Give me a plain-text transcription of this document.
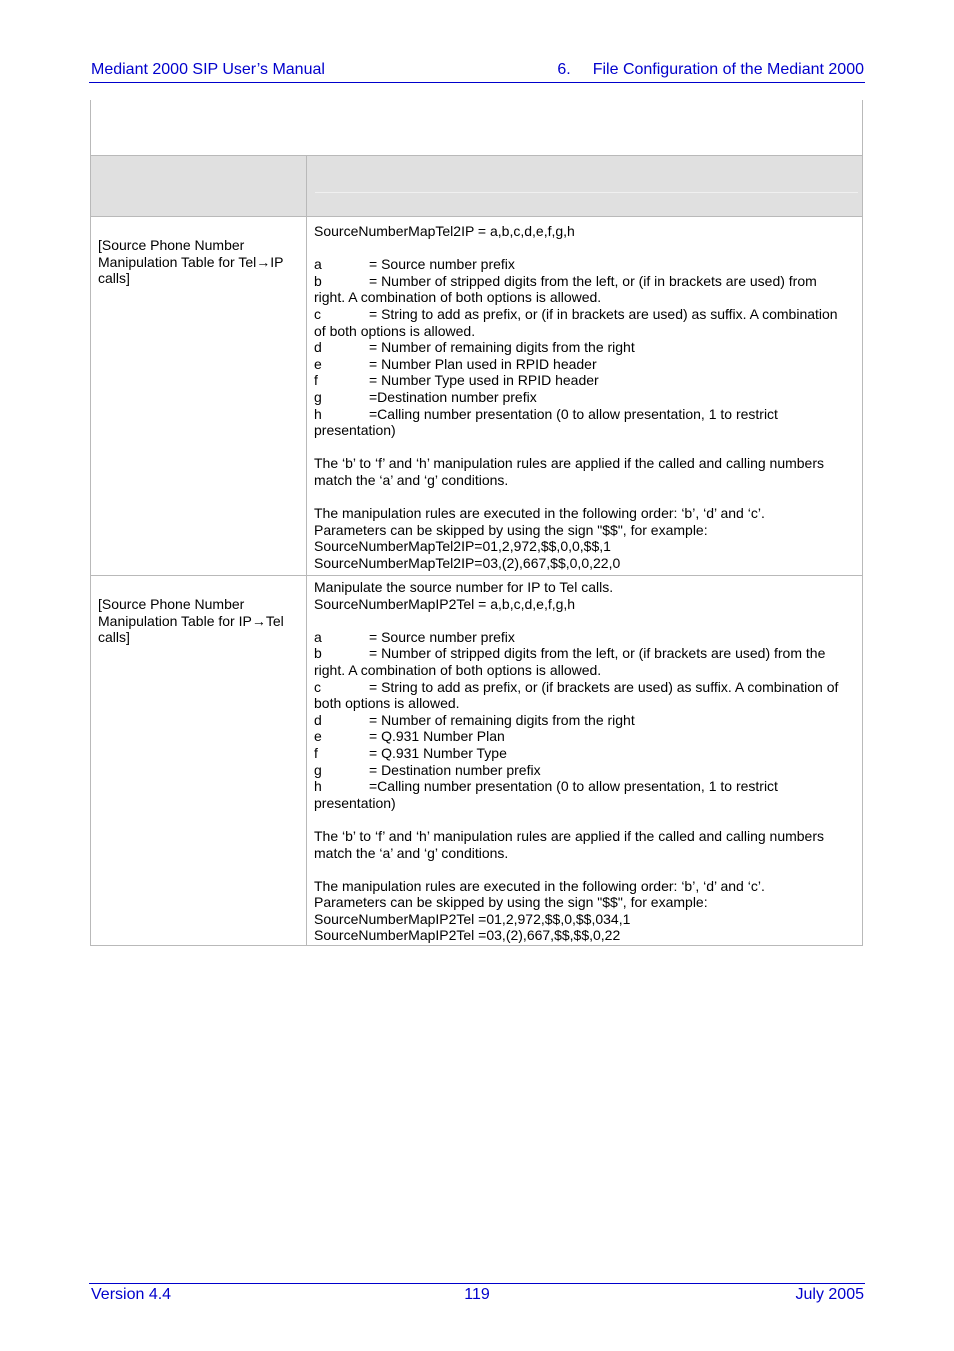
Mediant 2000 SIP User’s Manual	6. File Configuration of the Mediant 2000
[Source Phone Number Manipulation Table for Tel→IP calls]

SourceNumberMapTel2IP = a,b,c,d,e,f,g,h

a	= Source number prefix
b	= Number of stripped digits from the left, or (if in brackets are used) from

right. A combination of both options is allowed.

c	= String to add as prefix, or (if in brackets are used) as suffix. A combination

of both options is allowed.

d	= Number of remaining digits from the right
e	= Number Plan used in RPID header
f	= Number Type used in RPID header
g	=Destination number prefix
h	=Calling number presentation (0 to allow presentation, 1 to restrict

presentation)

The ‘b’ to ‘f’ and ‘h’ manipulation rules are applied if the called and calling numbers match the ‘a’ and ‘g’ conditions.

The manipulation rules are executed in the following order: ‘b’, ‘d’ and ‘c’.

Parameters can be skipped by using the sign "$$", for example:

SourceNumberMapTel2IP=01,2,972,$$,0,0,$$,1

SourceNumberMapTel2IP=03,(2),667,$$,0,0,22,0

[Source Phone Number Manipulation Table for IP→Tel calls]

Manipulate the source number for IP to Tel calls.

SourceNumberMapIP2Tel = a,b,c,d,e,f,g,h

a	= Source number prefix
b	= Number of stripped digits from the left, or (if brackets are used) from the

right. A combination of both options is allowed.

c	= String to add as prefix, or (if brackets are used) as suffix. A combination of

both options is allowed.

d	= Number of remaining digits from the right
e	= Q.931 Number Plan
f	= Q.931 Number Type
g	= Destination number prefix
h	=Calling number presentation (0 to allow presentation, 1 to restrict

presentation)

The ‘b’ to ‘f’ and ‘h’ manipulation rules are applied if the called and calling numbers match the ‘a’ and ‘g’ conditions.

The manipulation rules are executed in the following order: ‘b’, ‘d’ and ‘c’.

Parameters can be skipped by using the sign "$$", for example:

SourceNumberMapIP2Tel =01,2,972,$$,0,$$,034,1

SourceNumberMapIP2Tel =03,(2),667,$$,$$,0,22

Version 4.4	119	July 2005
